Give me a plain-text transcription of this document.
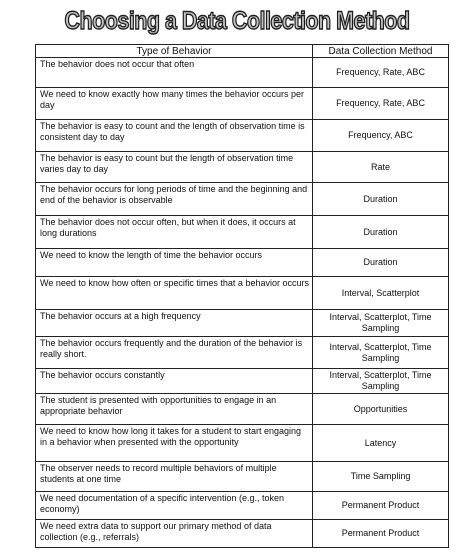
Choosing a Data Collection Method
Type of Behavior	Data Collection Method
The behavior does not occur that often	Frequency, Rate, ABC
We need to know exactly how many times the behavior occurs per day	Frequency, Rate, ABC
The behavior is easy to count and the length of observation time is consistent day to day	Frequency, ABC
The behavior is easy to count but the length of observation time varies day to day	Rate
The behavior occurs for long periods of time and the beginning and end of the behavior is observable	Duration
The behavior does not occur often, but when it does, it occurs at long durations	Duration
We need to know the length of time the behavior occurs	Duration
We need to know how often or specific times that a behavior occurs	Interval, Scatterplot
The behavior occurs at a high frequency	Interval, Scatterplot, Time Sampling
The behavior occurs frequently and the duration of the behavior is really short.	Interval, Scatterplot, Time Sampling
The behavior occurs constantly	Interval, Scatterplot, Time Sampling
The student is presented with opportunities to engage in an appropriate behavior	Opportunities
We need to know how long it takes for a student to start engaging in a behavior when presented with the opportunity	Latency
The observer needs to record multiple behaviors of multiple students at one time	Time Sampling
We need documentation of a specific intervention (e.g., token economy)	Permanent Product
We need extra data to support our primary method of data collection (e.g., referrals)	Permanent Product
